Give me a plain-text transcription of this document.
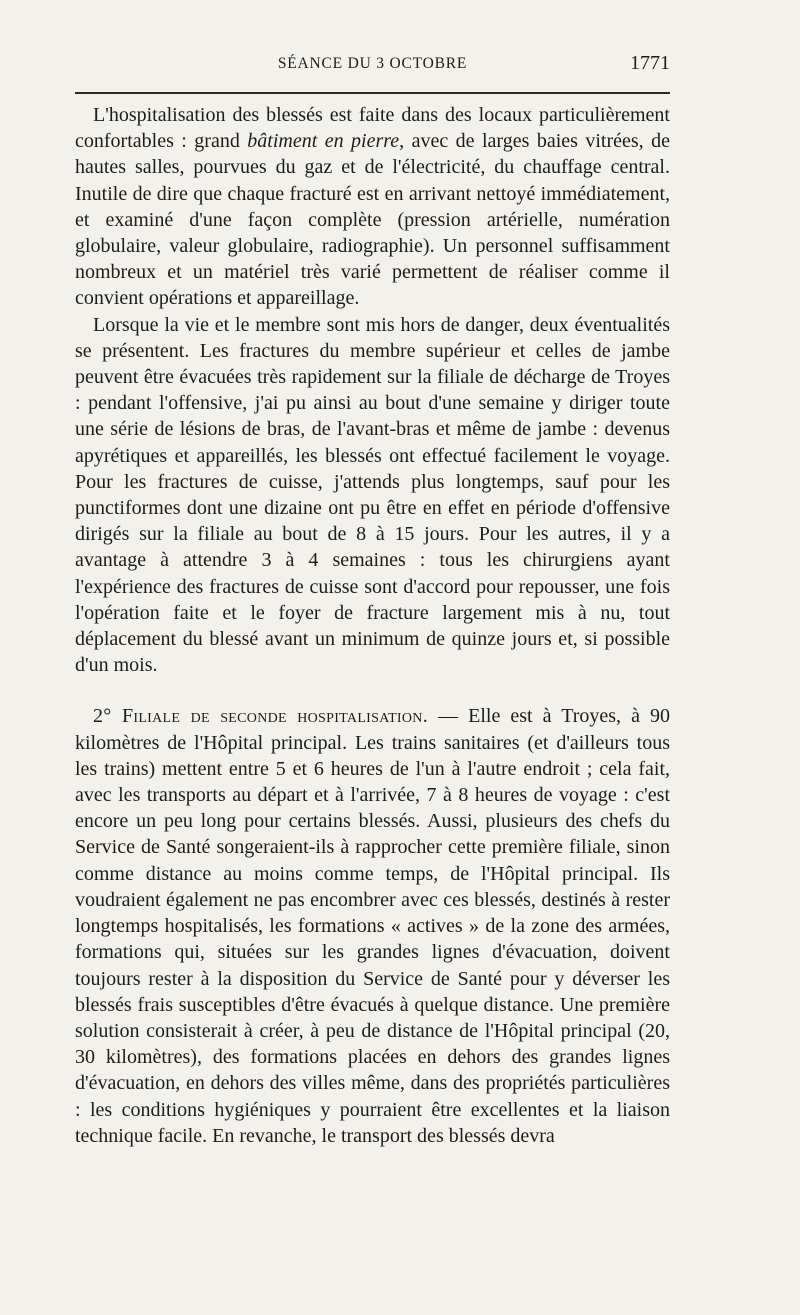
SÉANCE DU 3 OCTOBRE	1771

L'hospitalisation des blessés est faite dans des locaux particulièrement confortables : grand bâtiment en pierre, avec de larges baies vitrées, de hautes salles, pourvues du gaz et de l'électricité, du chauffage central. Inutile de dire que chaque fracturé est en arrivant nettoyé immédiatement, et examiné d'une façon complète (pression artérielle, numération globulaire, valeur globulaire, radiographie). Un personnel suffisamment nombreux et un matériel très varié permettent de réaliser comme il convient opérations et appareillage.

Lorsque la vie et le membre sont mis hors de danger, deux éventualités se présentent. Les fractures du membre supérieur et celles de jambe peuvent être évacuées très rapidement sur la filiale de décharge de Troyes : pendant l'offensive, j'ai pu ainsi au bout d'une semaine y diriger toute une série de lésions de bras, de l'avant-bras et même de jambe : devenus apyrétiques et appareillés, les blessés ont effectué facilement le voyage. Pour les fractures de cuisse, j'attends plus longtemps, sauf pour les punctiformes dont une dizaine ont pu être en effet en période d'offensive dirigés sur la filiale au bout de 8 à 15 jours. Pour les autres, il y a avantage à attendre 3 à 4 semaines : tous les chirurgiens ayant l'expérience des fractures de cuisse sont d'accord pour repousser, une fois l'opération faite et le foyer de fracture largement mis à nu, tout déplacement du blessé avant un minimum de quinze jours et, si possible d'un mois.

2° Filiale de seconde hospitalisation. — Elle est à Troyes, à 90 kilomètres de l'Hôpital principal. Les trains sanitaires (et d'ailleurs tous les trains) mettent entre 5 et 6 heures de l'un à l'autre endroit ; cela fait, avec les transports au départ et à l'arrivée, 7 à 8 heures de voyage : c'est encore un peu long pour certains blessés. Aussi, plusieurs des chefs du Service de Santé songeraient-ils à rapprocher cette première filiale, sinon comme distance au moins comme temps, de l'Hôpital principal. Ils voudraient également ne pas encombrer avec ces blessés, destinés à rester longtemps hospitalisés, les formations « actives » de la zone des armées, formations qui, situées sur les grandes lignes d'évacuation, doivent toujours rester à la disposition du Service de Santé pour y déverser les blessés frais susceptibles d'être évacués à quelque distance. Une première solution consisterait à créer, à peu de distance de l'Hôpital principal (20, 30 kilomètres), des formations placées en dehors des grandes lignes d'évacuation, en dehors des villes même, dans des propriétés particulières : les conditions hygiéniques y pourraient être excellentes et la liaison technique facile. En revanche, le transport des blessés devra
